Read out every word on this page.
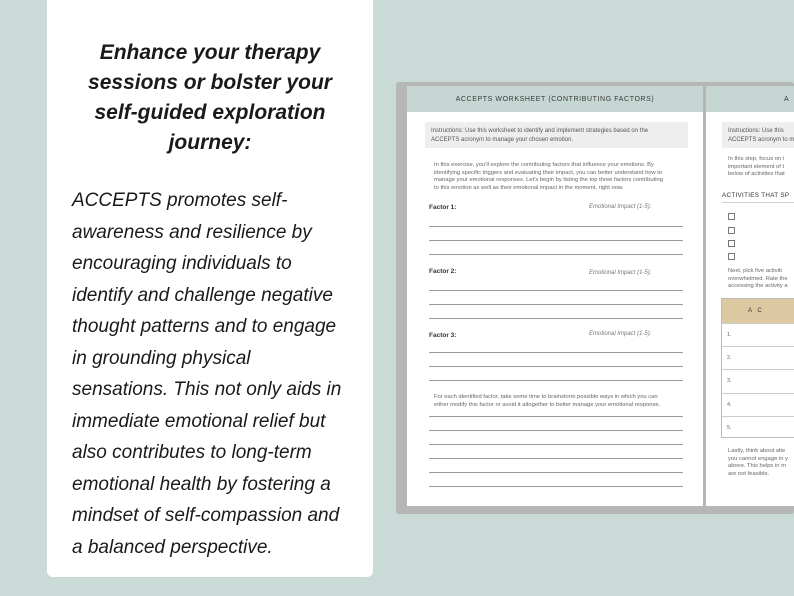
Enhance your therapy
sessions or bolster your
self-guided exploration
journey:
ACCEPTS promotes self-
awareness and resilience by
encouraging individuals to
identify and challenge negative
thought patterns and to engage
in grounding physical
sensations. This not only aids in
immediate emotional relief but
also contributes to long-term
emotional health by fostering a
mindset of self-compassion and
a balanced perspective.
ACCEPTS WORKSHEET (CONTRIBUTING FACTORS)
Instructions: Use this worksheet to identify and implement strategies based on the
ACCEPTS acronym to manage your chosen emotion.
In this exercise, you'll explore the contributing factors that influence your emotions. By
identifying specific triggers and evaluating their impact, you can better understand how to
manage your emotional responses. Let's begin by listing the top three factors contributing
to this emotion as well as their emotional impact in the moment, right now.
Factor 1:	Emotional Impact (1-5):
Factor 2:	Emotional Impact (1-5):
Factor 3:	Emotional Impact (1-5):
For each identified factor, take some time to brainstorm possible ways in which you can
either modify this factor or avoid it altogether to better manage your emotional response.
A
Instructions: Use this
ACCEPTS acronym to m
In this step, focus on i
important element of t
below of activities that
ACTIVITIES THAT SP
Next, pick five activiti
overwhelmed. Rate the
accessing the activity a
A C
1.
2.
3.
4.
5.
Lastly, think about alte
you cannot engage in y
above. This helps in m
are not feasible.
